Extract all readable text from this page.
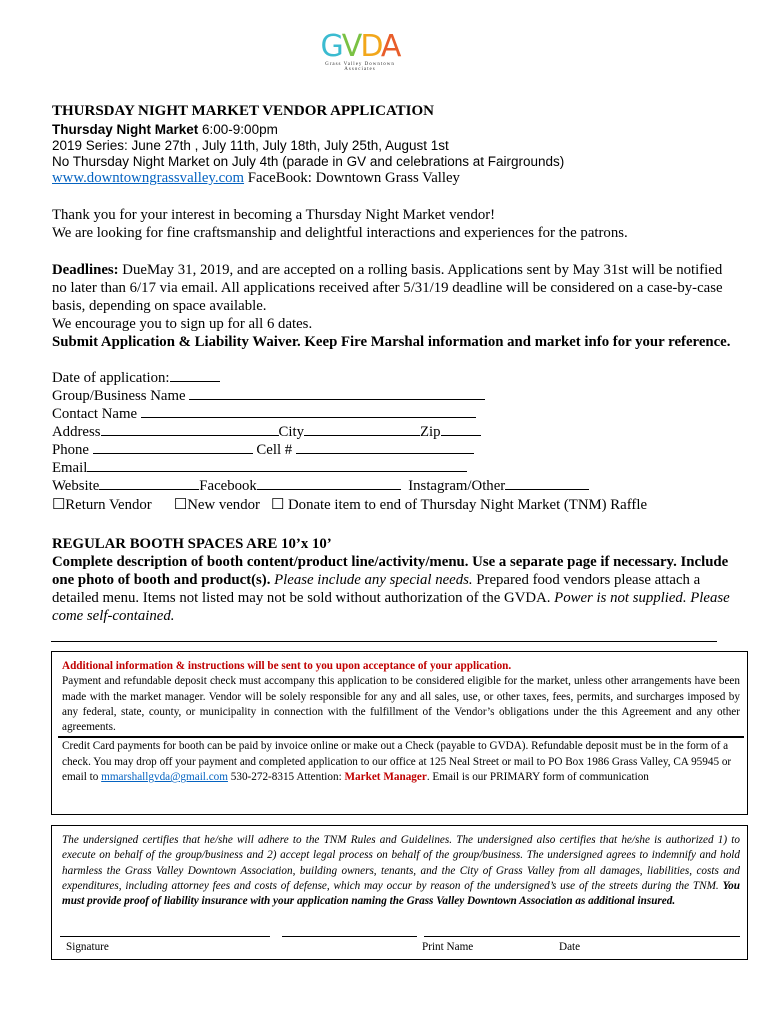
GVDA
Grass Valley Downtown Associates
THURSDAY NIGHT MARKET VENDOR APPLICATION
Thursday Night Market 6:00-9:00pm
2019 Series: June 27th , July 11th, July 18th, July 25th, August 1st
No Thursday Night Market on July 4th (parade in GV and celebrations at Fairgrounds)
www.downtowngrassvalley.com FaceBook: Downtown Grass Valley
Thank you for your interest in becoming a Thursday Night Market vendor!
We are looking for fine craftsmanship and delightful interactions and experiences for the patrons.
Deadlines: DueMay 31, 2019, and are accepted on a rolling basis. Applications sent by May 31st will be notified no later than 6/17 via email. All applications received after 5/31/19 deadline will be considered on a case-by-case basis, depending on space available.
We encourage you to sign up for all 6 dates.
Submit Application & Liability Waiver. Keep Fire Marshal information and market info for your reference.
Date of application:
Group/Business Name
Contact Name
Address	City	Zip
Phone	Cell #
Email
Website	Facebook	Instagram/Other
☐Return Vendor ☐New vendor ☐ Donate item to end of Thursday Night Market (TNM) Raffle
REGULAR BOOTH SPACES ARE 10’x 10’
Complete description of booth content/product line/activity/menu. Use a separate page if necessary. Include one photo of booth and product(s). Please include any special needs. Prepared food vendors please attach a detailed menu. Items not listed may not be sold without authorization of the GVDA. Power is not supplied. Please come self-contained.
Additional information & instructions will be sent to you upon acceptance of your application.
Payment and refundable deposit check must accompany this application to be considered eligible for the market, unless other arrangements have been made with the market manager. Vendor will be solely responsible for any and all sales, use, or other taxes, fees, permits, and surcharges imposed by any federal, state, county, or municipality in connection with the fulfillment of the Vendor’s obligations under the this Agreement and any other agreements.
Credit Card payments for booth can be paid by invoice online or make out a Check (payable to GVDA). Refundable deposit must be in the form of a check. You may drop off your payment and completed application to our office at 125 Neal Street or mail to PO Box 1986 Grass Valley, CA 95945 or email to mmarshallgvda@gmail.com 530-272-8315 Attention: Market Manager. Email is our PRIMARY form of communication
The undersigned certifies that he/she will adhere to the TNM Rules and Guidelines. The undersigned also certifies that he/she is authorized 1) to execute on behalf of the group/business and 2) accept legal process on behalf of the group/business. The undersigned agrees to indemnify and hold harmless the Grass Valley Downtown Association, building owners, tenants, and the City of Grass Valley from all damages, liabilities, costs and expenditures, including attorney fees and costs of defense, which may occur by reason of the undersigned’s use of the streets during the TNM. You must provide proof of liability insurance with your application naming the Grass Valley Downtown Association as additional insured.
Signature	Print Name	Date
